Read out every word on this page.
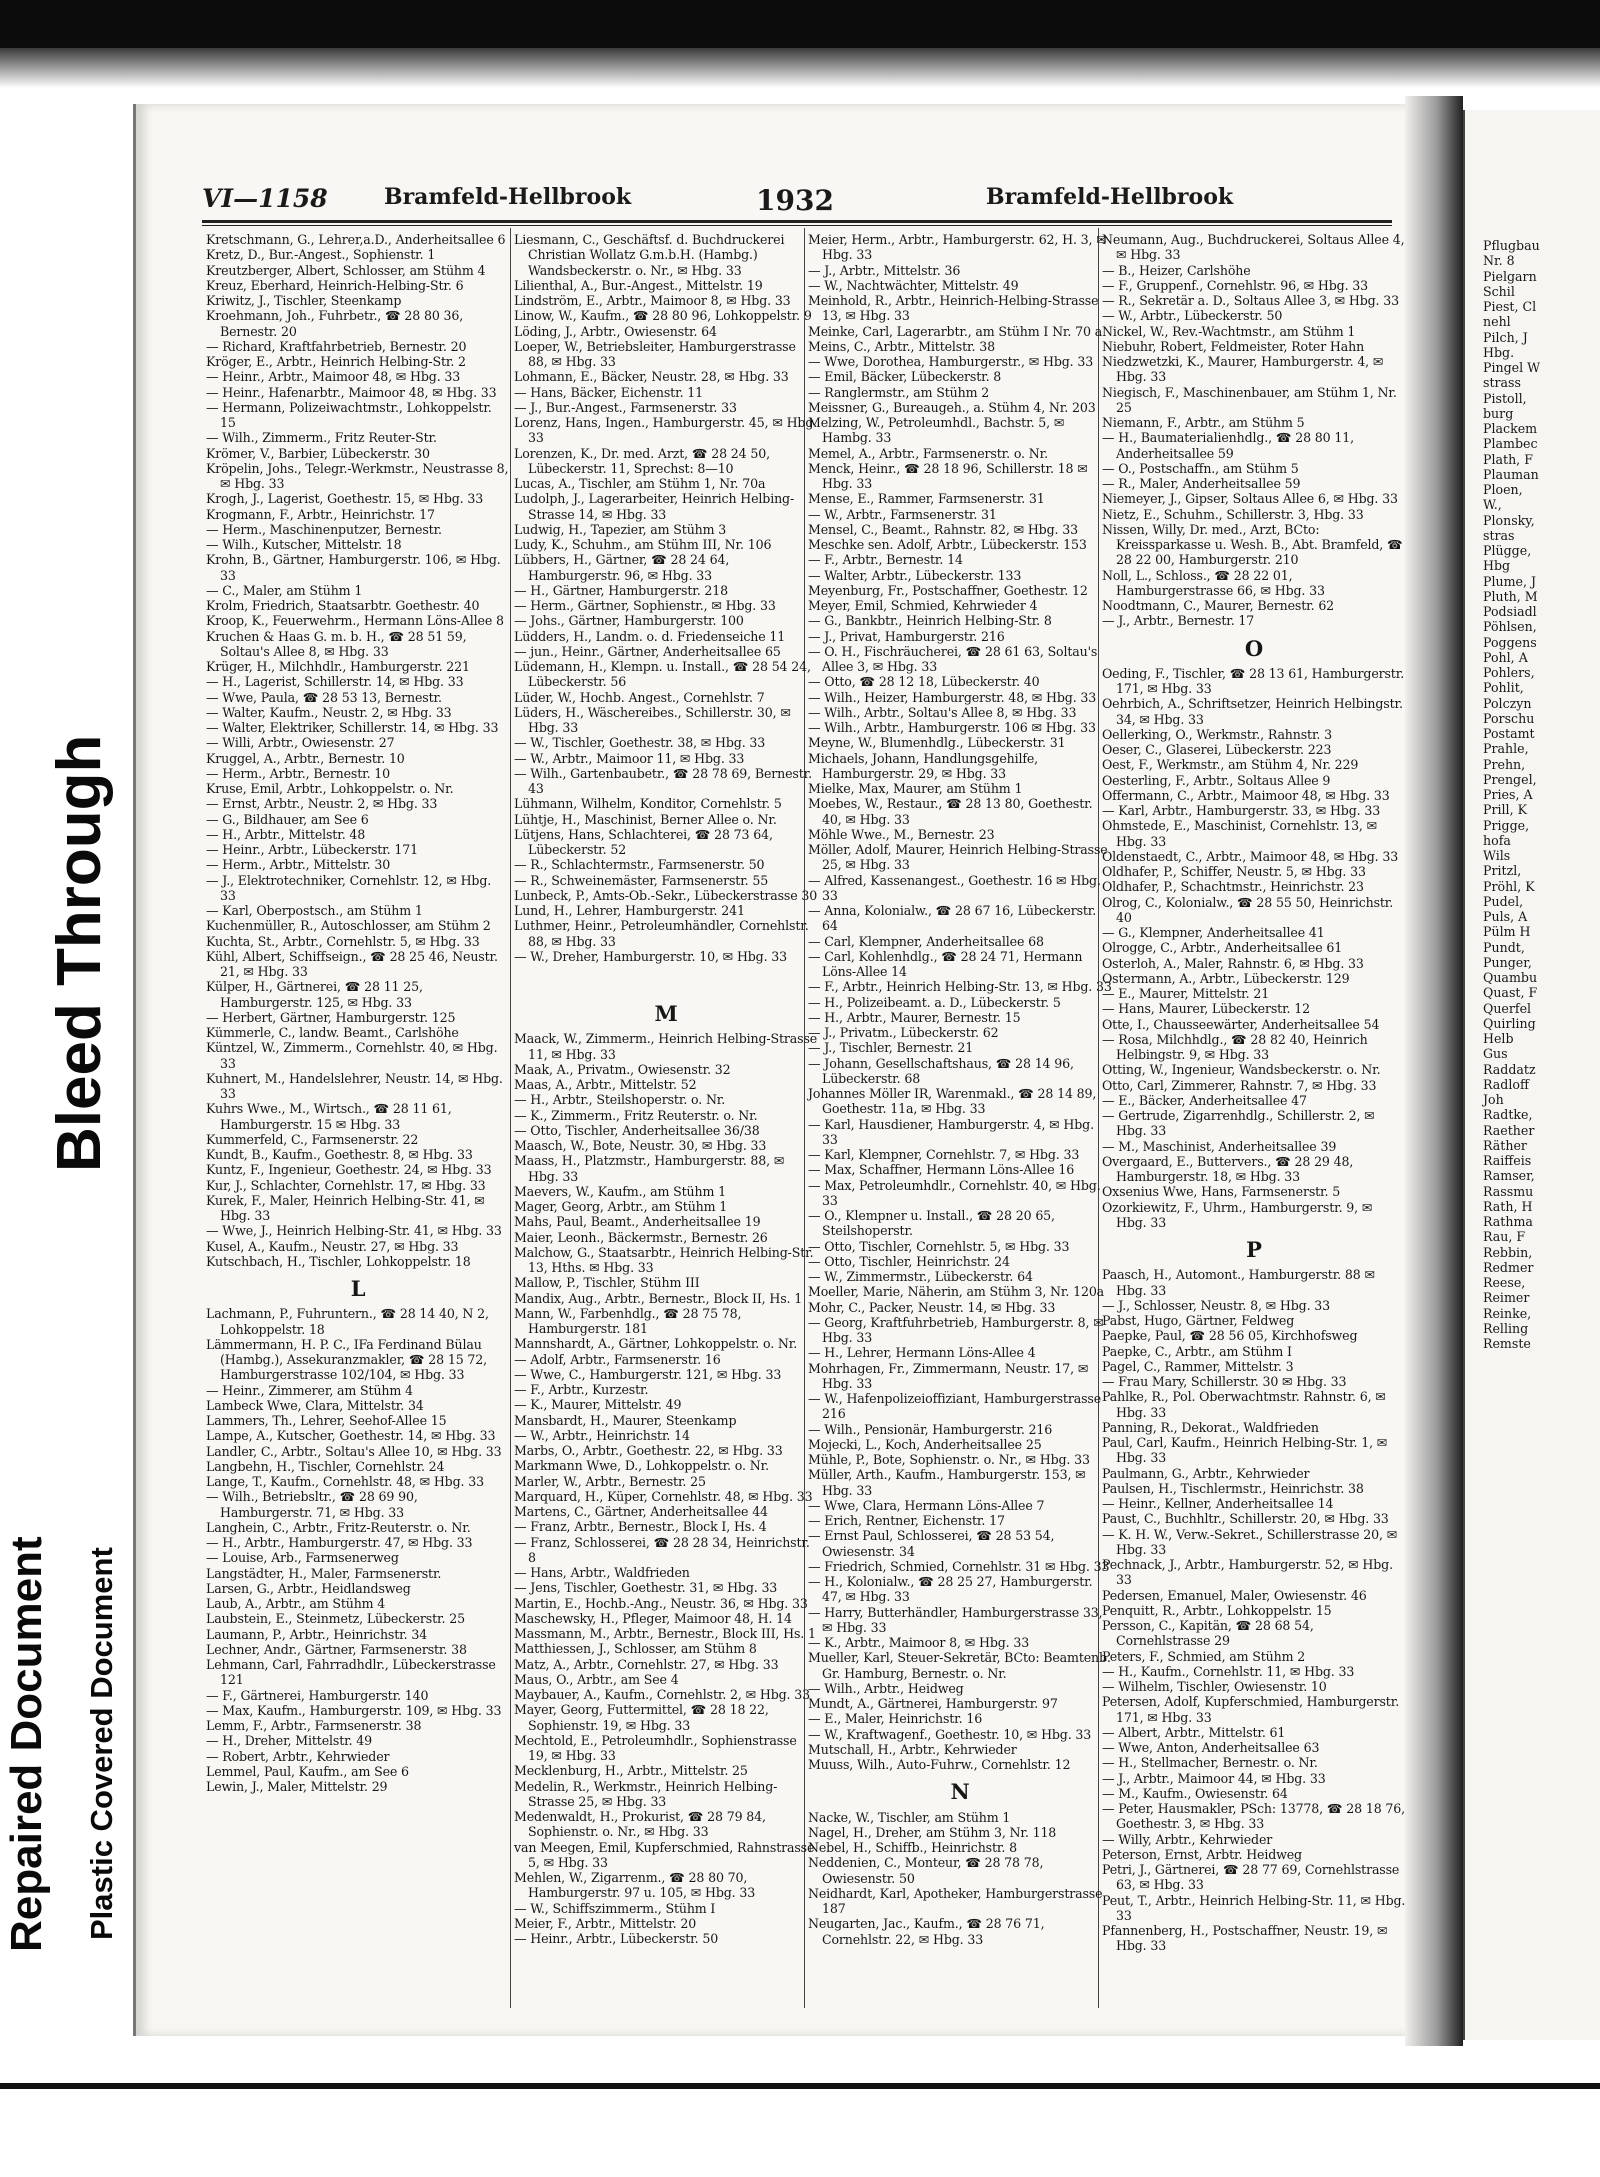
Bleed Through
Repaired Document Plastic Covered Document
VI—1158	Bramfeld-Hellbrook	1932	Bramfeld-Hellbrook

Kretschmann, G., Lehrer,a.D., Anderheitsallee 6

Kretz, D., Bur.-Angest., Sophienstr. 1

Kreutzberger, Albert, Schlosser, am Stühm 4

Kreuz, Eberhard, Heinrich-Helbing-Str. 6

Kriwitz, J., Tischler, Steenkamp

Kroehmann, Joh., Fuhrbetr., ☎ 28 80 36, Bernestr. 20

— Richard, Kraftfahrbetrieb, Bernestr. 20

Kröger, E., Arbtr., Heinrich Helbing-Str. 2

— Heinr., Arbtr., Maimoor 48, ✉ Hbg. 33

— Heinr., Hafenarbtr., Maimoor 48, ✉ Hbg. 33

— Hermann, Polizeiwachtmstr., Lohkoppelstr. 15

— Wilh., Zimmerm., Fritz Reuter-Str.

Krömer, V., Barbier, Lübeckerstr. 30

Kröpelin, Johs., Telegr.-Werkmstr., Neustrasse 8, ✉ Hbg. 33

Krogh, J., Lagerist, Goethestr. 15, ✉ Hbg. 33

Krogmann, F., Arbtr., Heinrichstr. 17

— Herm., Maschinenputzer, Bernestr.

— Wilh., Kutscher, Mittelstr. 18

Krohn, B., Gärtner, Hamburgerstr. 106, ✉ Hbg. 33

— C., Maler, am Stühm 1

Krolm, Friedrich, Staatsarbtr. Goethestr. 40

Kroop, K., Feuerwehrm., Hermann Löns-Allee 8

Kruchen & Haas G. m. b. H., ☎ 28 51 59, Soltau's Allee 8, ✉ Hbg. 33

Krüger, H., Milchhdlr., Hamburgerstr. 221

— H., Lagerist, Schillerstr. 14, ✉ Hbg. 33

— Wwe, Paula, ☎ 28 53 13, Bernestr.

— Walter, Kaufm., Neustr. 2, ✉ Hbg. 33

— Walter, Elektriker, Schillerstr. 14, ✉ Hbg. 33

— Willi, Arbtr., Owiesenstr. 27

Kruggel, A., Arbtr., Bernestr. 10

— Herm., Arbtr., Bernestr. 10

Kruse, Emil, Arbtr., Lohkoppelstr. o. Nr.

— Ernst, Arbtr., Neustr. 2, ✉ Hbg. 33

— G., Bildhauer, am See 6

— H., Arbtr., Mittelstr. 48

— Heinr., Arbtr., Lübeckerstr. 171

— Herm., Arbtr., Mittelstr. 30

— J., Elektrotechniker, Cornehlstr. 12, ✉ Hbg. 33

— Karl, Oberpostsch., am Stühm 1

Kuchenmüller, R., Autoschlosser, am Stühm 2

Kuchta, St., Arbtr., Cornehlstr. 5, ✉ Hbg. 33

Kühl, Albert, Schiffseign., ☎ 28 25 46, Neustr. 21, ✉ Hbg. 33

Külper, H., Gärtnerei, ☎ 28 11 25, Hamburgerstr. 125, ✉ Hbg. 33

— Herbert, Gärtner, Hamburgerstr. 125

Kümmerle, C., landw. Beamt., Carlshöhe

Küntzel, W., Zimmerm., Cornehlstr. 40, ✉ Hbg. 33

Kuhnert, M., Handelslehrer, Neustr. 14, ✉ Hbg. 33

Kuhrs Wwe., M., Wirtsch., ☎ 28 11 61, Hamburgerstr. 15 ✉ Hbg. 33

Kummerfeld, C., Farmsenerstr. 22

Kundt, B., Kaufm., Goethestr. 8, ✉ Hbg. 33

Kuntz, F., Ingenieur, Goethestr. 24, ✉ Hbg. 33

Kur, J., Schlachter, Cornehlstr. 17, ✉ Hbg. 33

Kurek, F., Maler, Heinrich Helbing-Str. 41, ✉ Hbg. 33

— Wwe, J., Heinrich Helbing-Str. 41, ✉ Hbg. 33

Kusel, A., Kaufm., Neustr. 27, ✉ Hbg. 33

Kutschbach, H., Tischler, Lohkoppelstr. 18

L

Lachmann, P., Fuhruntern., ☎ 28 14 40, N 2, Lohkoppelstr. 18

Lämmermann, H. P. C., IFa Ferdinand Bülau (Hambg.), Assekuranzmakler, ☎ 28 15 72, Hamburgerstrasse 102/104, ✉ Hbg. 33

— Heinr., Zimmerer, am Stühm 4

Lambeck Wwe, Clara, Mittelstr. 34

Lammers, Th., Lehrer, Seehof-Allee 15

Lampe, A., Kutscher, Goethestr. 14, ✉ Hbg. 33

Landler, C., Arbtr., Soltau's Allee 10, ✉ Hbg. 33

Langbehn, H., Tischler, Cornehlstr. 24

Lange, T., Kaufm., Cornehlstr. 48, ✉ Hbg. 33

— Wilh., Betriebsltr., ☎ 28 69 90, Hamburgerstr. 71, ✉ Hbg. 33

Langhein, C., Arbtr., Fritz-Reuterstr. o. Nr.

— H., Arbtr., Hamburgerstr. 47, ✉ Hbg. 33

— Louise, Arb., Farmsenerweg

Langstädter, H., Maler, Farmsenerstr.

Larsen, G., Arbtr., Heidlandsweg

Laub, A., Arbtr., am Stühm 4

Laubstein, E., Steinmetz, Lübeckerstr. 25

Laumann, P., Arbtr., Heinrichstr. 34

Lechner, Andr., Gärtner, Farmsenerstr. 38

Lehmann, Carl, Fahrradhdlr., Lübeckerstrasse 121

— F., Gärtnerei, Hamburgerstr. 140

— Max, Kaufm., Hamburgerstr. 109, ✉ Hbg. 33

Lemm, F., Arbtr., Farmsenerstr. 38

— H., Dreher, Mittelstr. 49

— Robert, Arbtr., Kehrwieder

Lemmel, Paul, Kaufm., am See 6

Lewin, J., Maler, Mittelstr. 29

Liesmann, C., Geschäftsf. d. Buchdruckerei Christian Wollatz G.m.b.H. (Hambg.) Wandsbeckerstr. o. Nr., ✉ Hbg. 33

Lilienthal, A., Bur.-Angest., Mittelstr. 19

Lindström, E., Arbtr., Maimoor 8, ✉ Hbg. 33

Linow, W., Kaufm., ☎ 28 80 96, Lohkoppelstr. 9

Löding, J., Arbtr., Owiesenstr. 64

Loeper, W., Betriebsleiter, Hamburgerstrasse 88, ✉ Hbg. 33

Lohmann, E., Bäcker, Neustr. 28, ✉ Hbg. 33

— Hans, Bäcker, Eichenstr. 11

— J., Bur.-Angest., Farmsenerstr. 33

Lorenz, Hans, Ingen., Hamburgerstr. 45, ✉ Hbg. 33

Lorenzen, K., Dr. med. Arzt, ☎ 28 24 50, Lübeckerstr. 11, Sprechst: 8—10

Lucas, A., Tischler, am Stühm 1, Nr. 70a

Ludolph, J., Lagerarbeiter, Heinrich Helbing-Strasse 14, ✉ Hbg. 33

Ludwig, H., Tapezier, am Stühm 3

Ludy, K., Schuhm., am Stühm III, Nr. 106

Lübbers, H., Gärtner, ☎ 28 24 64, Hamburgerstr. 96, ✉ Hbg. 33

— H., Gärtner, Hamburgerstr. 218

— Herm., Gärtner, Sophienstr., ✉ Hbg. 33

— Johs., Gärtner, Hamburgerstr. 100

Lüdders, H., Landm. o. d. Friedenseiche 11

— jun., Heinr., Gärtner, Anderheitsallee 65

Lüdemann, H., Klempn. u. Install., ☎ 28 54 24, Lübeckerstr. 56

Lüder, W., Hochb. Angest., Cornehlstr. 7

Lüders, H., Wäschereibes., Schillerstr. 30, ✉ Hbg. 33

— W., Tischler, Goethestr. 38, ✉ Hbg. 33

— W., Arbtr., Maimoor 11, ✉ Hbg. 33

— Wilh., Gartenbaubetr., ☎ 28 78 69, Bernestr. 43

Lühmann, Wilhelm, Konditor, Cornehlstr. 5

Lühtje, H., Maschinist, Berner Allee o. Nr.

Lütjens, Hans, Schlachterei, ☎ 28 73 64, Lübeckerstr. 52

— R., Schlachtermstr., Farmsenerstr. 50

— R., Schweinemäster, Farmsenerstr. 55

Lunbeck, P., Amts-Ob.-Sekr., Lübeckerstrasse 30

Lund, H., Lehrer, Hamburgerstr. 241

Luthmer, Heinr., Petroleumhändler, Cornehlstr. 88, ✉ Hbg. 33

— W., Dreher, Hamburgerstr. 10, ✉ Hbg. 33

M

Maack, W., Zimmerm., Heinrich Helbing-Strasse 11, ✉ Hbg. 33

Maak, A., Privatm., Owiesenstr. 32

Maas, A., Arbtr., Mittelstr. 52

— H., Arbtr., Steilshoperstr. o. Nr.

— K., Zimmerm., Fritz Reuterstr. o. Nr.

— Otto, Tischler, Anderheitsallee 36/38

Maasch, W., Bote, Neustr. 30, ✉ Hbg. 33

Maass, H., Platzmstr., Hamburgerstr. 88, ✉ Hbg. 33

Maevers, W., Kaufm., am Stühm 1

Mager, Georg, Arbtr., am Stühm 1

Mahs, Paul, Beamt., Anderheitsallee 19

Maier, Leonh., Bäckermstr., Bernestr. 26

Malchow, G., Staatsarbtr., Heinrich Helbing-Str. 13, Hths. ✉ Hbg. 33

Mallow, P., Tischler, Stühm III

Mandix, Aug., Arbtr., Bernestr., Block II, Hs. 1

Mann, W., Farbenhdlg., ☎ 28 75 78, Hamburgerstr. 181

Mannshardt, A., Gärtner, Lohkoppelstr. o. Nr.

— Adolf, Arbtr., Farmsenerstr. 16

— Wwe, C., Hamburgerstr. 121, ✉ Hbg. 33

— F., Arbtr., Kurzestr.

— K., Maurer, Mittelstr. 49

Mansbardt, H., Maurer, Steenkamp

— W., Arbtr., Heinrichstr. 14

Marbs, O., Arbtr., Goethestr. 22, ✉ Hbg. 33

Markmann Wwe, D., Lohkoppelstr. o. Nr.

Marler, W., Arbtr., Bernestr. 25

Marquard, H., Küper, Cornehlstr. 48, ✉ Hbg. 33

Martens, C., Gärtner, Anderheitsallee 44

— Franz, Arbtr., Bernestr., Block I, Hs. 4

— Franz, Schlosserei, ☎ 28 28 34, Heinrichstr. 8

— Hans, Arbtr., Waldfrieden

— Jens, Tischler, Goethestr. 31, ✉ Hbg. 33

Martin, E., Hochb.-Ang., Neustr. 36, ✉ Hbg. 33

Maschewsky, H., Pfleger, Maimoor 48, H. 14

Massmann, M., Arbtr., Bernestr., Block III, Hs. 1

Matthiessen, J., Schlosser, am Stühm 8

Matz, A., Arbtr., Cornehlstr. 27, ✉ Hbg. 33

Maus, O., Arbtr., am See 4

Maybauer, A., Kaufm., Cornehlstr. 2, ✉ Hbg. 33

Mayer, Georg, Futtermittel, ☎ 28 18 22, Sophienstr. 19, ✉ Hbg. 33

Mechtold, E., Petroleumhdlr., Sophienstrasse 19, ✉ Hbg. 33

Mecklenburg, H., Arbtr., Mittelstr. 25

Medelin, R., Werkmstr., Heinrich Helbing-Strasse 25, ✉ Hbg. 33

Medenwaldt, H., Prokurist, ☎ 28 79 84, Sophienstr. o. Nr., ✉ Hbg. 33

van Meegen, Emil, Kupferschmied, Rahnstrasse 5, ✉ Hbg. 33

Mehlen, W., Zigarrenm., ☎ 28 80 70, Hamburgerstr. 97 u. 105, ✉ Hbg. 33

— W., Schiffszimmerm., Stühm I

Meier, F., Arbtr., Mittelstr. 20

— Heinr., Arbtr., Lübeckerstr. 50

Meier, Herm., Arbtr., Hamburgerstr. 62, H. 3, ✉ Hbg. 33

— J., Arbtr., Mittelstr. 36

— W., Nachtwächter, Mittelstr. 49

Meinhold, R., Arbtr., Heinrich-Helbing-Strasse 13, ✉ Hbg. 33

Meinke, Carl, Lagerarbtr., am Stühm I Nr. 70 a

Meins, C., Arbtr., Mittelstr. 38

— Wwe, Dorothea, Hamburgerstr., ✉ Hbg. 33

— Emil, Bäcker, Lübeckerstr. 8

— Ranglermstr., am Stühm 2

Meissner, G., Bureaugeh., a. Stühm 4, Nr. 203

Melzing, W., Petroleumhdl., Bachstr. 5, ✉ Hambg. 33

Memel, A., Arbtr., Farmsenerstr. o. Nr.

Menck, Heinr., ☎ 28 18 96, Schillerstr. 18 ✉ Hbg. 33

Mense, E., Rammer, Farmsenerstr. 31

— W., Arbtr., Farmsenerstr. 31

Mensel, C., Beamt., Rahnstr. 82, ✉ Hbg. 33

Meschke sen. Adolf, Arbtr., Lübeckerstr. 153

— F., Arbtr., Bernestr. 14

— Walter, Arbtr., Lübeckerstr. 133

Meyenburg, Fr., Postschaffner, Goethestr. 12

Meyer, Emil, Schmied, Kehrwieder 4

— G., Bankbtr., Heinrich Helbing-Str. 8

— J., Privat, Hamburgerstr. 216

— O. H., Fischräucherei, ☎ 28 61 63, Soltau's Allee 3, ✉ Hbg. 33

— Otto, ☎ 28 12 18, Lübeckerstr. 40

— Wilh., Heizer, Hamburgerstr. 48, ✉ Hbg. 33

— Wilh., Arbtr., Soltau's Allee 8, ✉ Hbg. 33

— Wilh., Arbtr., Hamburgerstr. 106 ✉ Hbg. 33

Meyne, W., Blumenhdlg., Lübeckerstr. 31

Michaels, Johann, Handlungsgehilfe, Hamburgerstr. 29, ✉ Hbg. 33

Mielke, Max, Maurer, am Stühm 1

Moebes, W., Restaur., ☎ 28 13 80, Goethestr. 40, ✉ Hbg. 33

Möhle Wwe., M., Bernestr. 23

Möller, Adolf, Maurer, Heinrich Helbing-Strasse 25, ✉ Hbg. 33

— Alfred, Kassenangest., Goethestr. 16 ✉ Hbg. 33

— Anna, Kolonialw., ☎ 28 67 16, Lübeckerstr. 64

— Carl, Klempner, Anderheitsallee 68

— Carl, Kohlenhdlg., ☎ 28 24 71, Hermann Löns-Allee 14

— F., Arbtr., Heinrich Helbing-Str. 13, ✉ Hbg. 33

— H., Polizeibeamt. a. D., Lübeckerstr. 5

— H., Arbtr., Maurer, Bernestr. 15

— J., Privatm., Lübeckerstr. 62

— J., Tischler, Bernestr. 21

— Johann, Gesellschaftshaus, ☎ 28 14 96, Lübeckerstr. 68

Johannes Möller IR, Warenmakl., ☎ 28 14 89, Goethestr. 11a, ✉ Hbg. 33

— Karl, Hausdiener, Hamburgerstr. 4, ✉ Hbg. 33

— Karl, Klempner, Cornehlstr. 7, ✉ Hbg. 33

— Max, Schaffner, Hermann Löns-Allee 16

— Max, Petroleumhdlr., Cornehlstr. 40, ✉ Hbg. 33

— O., Klempner u. Install., ☎ 28 20 65, Steilshoperstr.

— Otto, Tischler, Cornehlstr. 5, ✉ Hbg. 33

— Otto, Tischler, Heinrichstr. 24

— W., Zimmermstr., Lübeckerstr. 64

Moeller, Marie, Näherin, am Stühm 3, Nr. 120a

Mohr, C., Packer, Neustr. 14, ✉ Hbg. 33

— Georg, Kraftfuhrbetrieb, Hamburgerstr. 8, ✉ Hbg. 33

— H., Lehrer, Hermann Löns-Allee 4

Mohrhagen, Fr., Zimmermann, Neustr. 17, ✉ Hbg. 33

— W., Hafenpolizeioffiziant, Hamburgerstrasse 216

— Wilh., Pensionär, Hamburgerstr. 216

Mojecki, L., Koch, Anderheitsallee 25

Mühle, P., Bote, Sophienstr. o. Nr., ✉ Hbg. 33

Müller, Arth., Kaufm., Hamburgerstr. 153, ✉ Hbg. 33

— Wwe, Clara, Hermann Löns-Allee 7

— Erich, Rentner, Eichenstr. 17

— Ernst Paul, Schlosserei, ☎ 28 53 54, Owiesenstr. 34

— Friedrich, Schmied, Cornehlstr. 31 ✉ Hbg. 33

— H., Kolonialw., ☎ 28 25 27, Hamburgerstr. 47, ✉ Hbg. 33

— Harry, Butterhändler, Hamburgerstrasse 33, ✉ Hbg. 33

— K., Arbtr., Maimoor 8, ✉ Hbg. 33

Mueller, Karl, Steuer-Sekretär, BCto: Beamtenb. Gr. Hamburg, Bernestr. o. Nr.

— Wilh., Arbtr., Heidweg

Mundt, A., Gärtnerei, Hamburgerstr. 97

— E., Maler, Heinrichstr. 16

— W., Kraftwagenf., Goethestr. 10, ✉ Hbg. 33

Mutschall, H., Arbtr., Kehrwieder

Muuss, Wilh., Auto-Fuhrw., Cornehlstr. 12

N

Nacke, W., Tischler, am Stühm 1

Nagel, H., Dreher, am Stühm 3, Nr. 118

Nebel, H., Schiffb., Heinrichstr. 8

Neddenien, C., Monteur, ☎ 28 78 78, Owiesenstr. 50

Neidhardt, Karl, Apotheker, Hamburgerstrasse 187

Neugarten, Jac., Kaufm., ☎ 28 76 71, Cornehlstr. 22, ✉ Hbg. 33

Neumann, Aug., Buchdruckerei, Soltaus Allee 4, ✉ Hbg. 33

— B., Heizer, Carlshöhe

— F., Gruppenf., Cornehlstr. 96, ✉ Hbg. 33

— R., Sekretär a. D., Soltaus Allee 3, ✉ Hbg. 33

— W., Arbtr., Lübeckerstr. 50

Nickel, W., Rev.-Wachtmstr., am Stühm 1

Niebuhr, Robert, Feldmeister, Roter Hahn

Niedzwetzki, K., Maurer, Hamburgerstr. 4, ✉ Hbg. 33

Niegisch, F., Maschinenbauer, am Stühm 1, Nr. 25

Niemann, F., Arbtr., am Stühm 5

— H., Baumaterialienhdlg., ☎ 28 80 11, Anderheitsallee 59

— O., Postschaffn., am Stühm 5

— R., Maler, Anderheitsallee 59

Niemeyer, J., Gipser, Soltaus Allee 6, ✉ Hbg. 33

Nietz, E., Schuhm., Schillerstr. 3, Hbg. 33

Nissen, Willy, Dr. med., Arzt, BCto: Kreissparkasse u. Wesh. B., Abt. Bramfeld, ☎ 28 22 00, Hamburgerstr. 210

Noll, L., Schloss., ☎ 28 22 01, Hamburgerstrasse 66, ✉ Hbg. 33

Noodtmann, C., Maurer, Bernestr. 62

— J., Arbtr., Bernestr. 17

O

Oeding, F., Tischler, ☎ 28 13 61, Hamburgerstr. 171, ✉ Hbg. 33

Oehrbich, A., Schriftsetzer, Heinrich Helbingstr. 34, ✉ Hbg. 33

Oellerking, O., Werkmstr., Rahnstr. 3

Oeser, C., Glaserei, Lübeckerstr. 223

Oest, F., Werkmstr., am Stühm 4, Nr. 229

Oesterling, F., Arbtr., Soltaus Allee 9

Offermann, C., Arbtr., Maimoor 48, ✉ Hbg. 33

— Karl, Arbtr., Hamburgerstr. 33, ✉ Hbg. 33

Ohmstede, E., Maschinist, Cornehlstr. 13, ✉ Hbg. 33

Oldenstaedt, C., Arbtr., Maimoor 48, ✉ Hbg. 33

Oldhafer, P., Schiffer, Neustr. 5, ✉ Hbg. 33

Oldhafer, P., Schachtmstr., Heinrichstr. 23

Olrog, C., Kolonialw., ☎ 28 55 50, Heinrichstr. 40

— G., Klempner, Anderheitsallee 41

Olrogge, C., Arbtr., Anderheitsallee 61

Osterloh, A., Maler, Rahnstr. 6, ✉ Hbg. 33

Ostermann, A., Arbtr., Lübeckerstr. 129

— E., Maurer, Mittelstr. 21

— Hans, Maurer, Lübeckerstr. 12

Otte, I., Chausseewärter, Anderheitsallee 54

— Rosa, Milchhdlg., ☎ 28 82 40, Heinrich Helbingstr. 9, ✉ Hbg. 33

Otting, W., Ingenieur, Wandsbeckerstr. o. Nr.

Otto, Carl, Zimmerer, Rahnstr. 7, ✉ Hbg. 33

— E., Bäcker, Anderheitsallee 47

— Gertrude, Zigarrenhdlg., Schillerstr. 2, ✉ Hbg. 33

— M., Maschinist, Anderheitsallee 39

Overgaard, E., Buttervers., ☎ 28 29 48, Hamburgerstr. 18, ✉ Hbg. 33

Oxsenius Wwe, Hans, Farmsenerstr. 5

Ozorkiewitz, F., Uhrm., Hamburgerstr. 9, ✉ Hbg. 33

P

Paasch, H., Automont., Hamburgerstr. 88 ✉ Hbg. 33

— J., Schlosser, Neustr. 8, ✉ Hbg. 33

Pabst, Hugo, Gärtner, Feldweg

Paepke, Paul, ☎ 28 56 05, Kirchhofsweg

Paepke, C., Arbtr., am Stühm I

Pagel, C., Rammer, Mittelstr. 3

— Frau Mary, Schillerstr. 30 ✉ Hbg. 33

Pahlke, R., Pol. Oberwachtmstr. Rahnstr. 6, ✉ Hbg. 33

Panning, R., Dekorat., Waldfrieden

Paul, Carl, Kaufm., Heinrich Helbing-Str. 1, ✉ Hbg. 33

Paulmann, G., Arbtr., Kehrwieder

Paulsen, H., Tischlermstr., Heinrichstr. 38

— Heinr., Kellner, Anderheitsallee 14

Paust, C., Buchhltr., Schillerstr. 20, ✉ Hbg. 33

— K. H. W., Verw.-Sekret., Schillerstrasse 20, ✉ Hbg. 33

Pechnack, J., Arbtr., Hamburgerstr. 52, ✉ Hbg. 33

Pedersen, Emanuel, Maler, Owiesenstr. 46

Penquitt, R., Arbtr., Lohkoppelstr. 15

Persson, C., Kapitän, ☎ 28 68 54, Cornehlstrasse 29

Peters, F., Schmied, am Stühm 2

— H., Kaufm., Cornehlstr. 11, ✉ Hbg. 33

— Wilhelm, Tischler, Owiesenstr. 10

Petersen, Adolf, Kupferschmied, Hamburgerstr. 171, ✉ Hbg. 33

— Albert, Arbtr., Mittelstr. 61

— Wwe, Anton, Anderheitsallee 63

— H., Stellmacher, Bernestr. o. Nr.

— J., Arbtr., Maimoor 44, ✉ Hbg. 33

— M., Kaufm., Owiesenstr. 64

— Peter, Hausmakler, PSch: 13778, ☎ 28 18 76, Goethestr. 3, ✉ Hbg. 33

— Willy, Arbtr., Kehrwieder

Peterson, Ernst, Arbtr. Heidweg

Petri, J., Gärtnerei, ☎ 28 77 69, Cornehlstrasse 63, ✉ Hbg. 33

Peut, T., Arbtr., Heinrich Helbing-Str. 11, ✉ Hbg. 33

Pfannenberg, H., Postschaffner, Neustr. 19, ✉ Hbg. 33

Pflugbau

Nr. 8

Pielgarn

Schil

Piest, Cl

nehl

Pilch, J

Hbg.

Pingel W

strass

Pistoll,

burg

Plackem

Plambec

Plath, F

Plauman

Ploen,

W.,

Plonsky,

stras

Plügge,

Hbg

Plume, J

Pluth, M

Podsiadl

Pöhlsen,

Poggens

Pohl, A

Pohlers,

Pohlit,

Polczyn

Porschu

Postamt

Prahle,

Prehn,

Prengel,

Pries, A

Prill, K

Prigge,

hofa

Wils

Pritzl,

Pröhl, K

Pudel,

Puls, A

Pülm H

Pundt,

Punger,

Quambu

Quast, F

Querfel

Quirling

Helb

Gus

Raddatz

Radloff

Joh

Radtke,

Raether

Räther

Raiffeis

Ramser,

Rassmu

Rath, H

Rathma

Rau, F

Rebbin,

Redmer

Reese,

Reimer

Reinke,

Relling

Remste
